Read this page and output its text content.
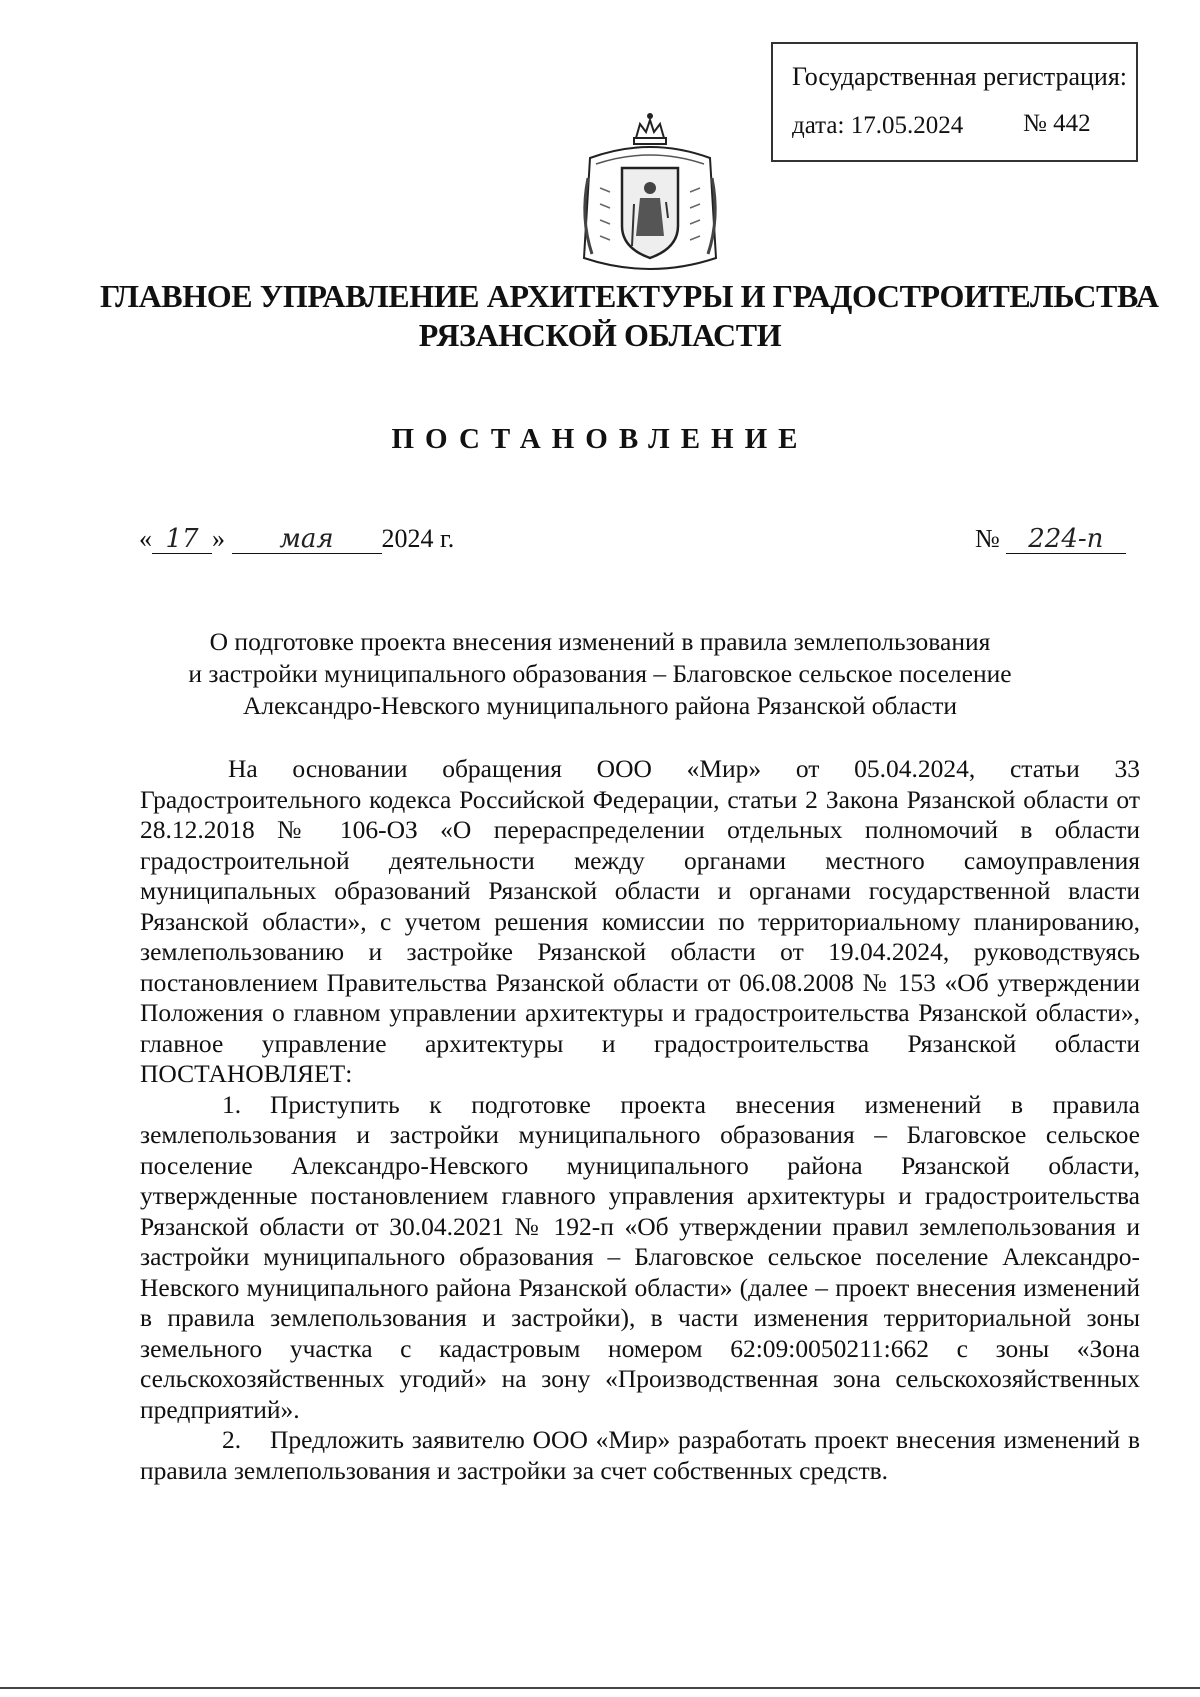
Государственная регистрация:
дата: 17.05.2024 № 442
ГЛАВНОЕ УПРАВЛЕНИЕ АРХИТЕКТУРЫ И ГРАДОСТРОИТЕЛЬСТВА
РЯЗАНСКОЙ ОБЛАСТИ
ПОСТАНОВЛЕНИЕ
« 17 » мая 2024 г.	№ 224-п
О подготовке проекта внесения изменений в правила землепользования
и застройки муниципального образования – Благовское сельское поселение
Александро-Невского муниципального района Рязанской области

На основании обращения ООО «Мир» от 05.04.2024, статьи 33 Градостроительного кодекса Российской Федерации, статьи 2 Закона Рязанской области от 28.12.2018 № 106-ОЗ «О перераспределении отдельных полномочий в области градостроительной деятельности между органами местного самоуправления муниципальных образований Рязанской области и органами государственной власти Рязанской области», с учетом решения комиссии по территориальному планированию, землепользованию и застройке Рязанской области от 19.04.2024, руководствуясь постановлением Правительства Рязанской области от 06.08.2008 № 153 «Об утверждении Положения о главном управлении архитектуры и градостроительства Рязанской области», главное управление архитектуры и градостроительства Рязанской области ПОСТАНОВЛЯЕТ:

1. Приступить к подготовке проекта внесения изменений в правила землепользования и застройки муниципального образования – Благовское сельское поселение Александро-Невского муниципального района Рязанской области, утвержденные постановлением главного управления архитектуры и градостроительства Рязанской области от 30.04.2021 № 192-п «Об утверждении правил землепользования и застройки муниципального образования – Благовское сельское поселение Александро-Невского муниципального района Рязанской области» (далее – проект внесения изменений в правила землепользования и застройки), в части изменения территориальной зоны земельного участка с кадастровым номером 62:09:0050211:662 с зоны «Зона сельскохозяйственных угодий» на зону «Производственная зона сельскохозяйственных предприятий».

2. Предложить заявителю ООО «Мир» разработать проект внесения изменений в правила землепользования и застройки за счет собственных средств.
